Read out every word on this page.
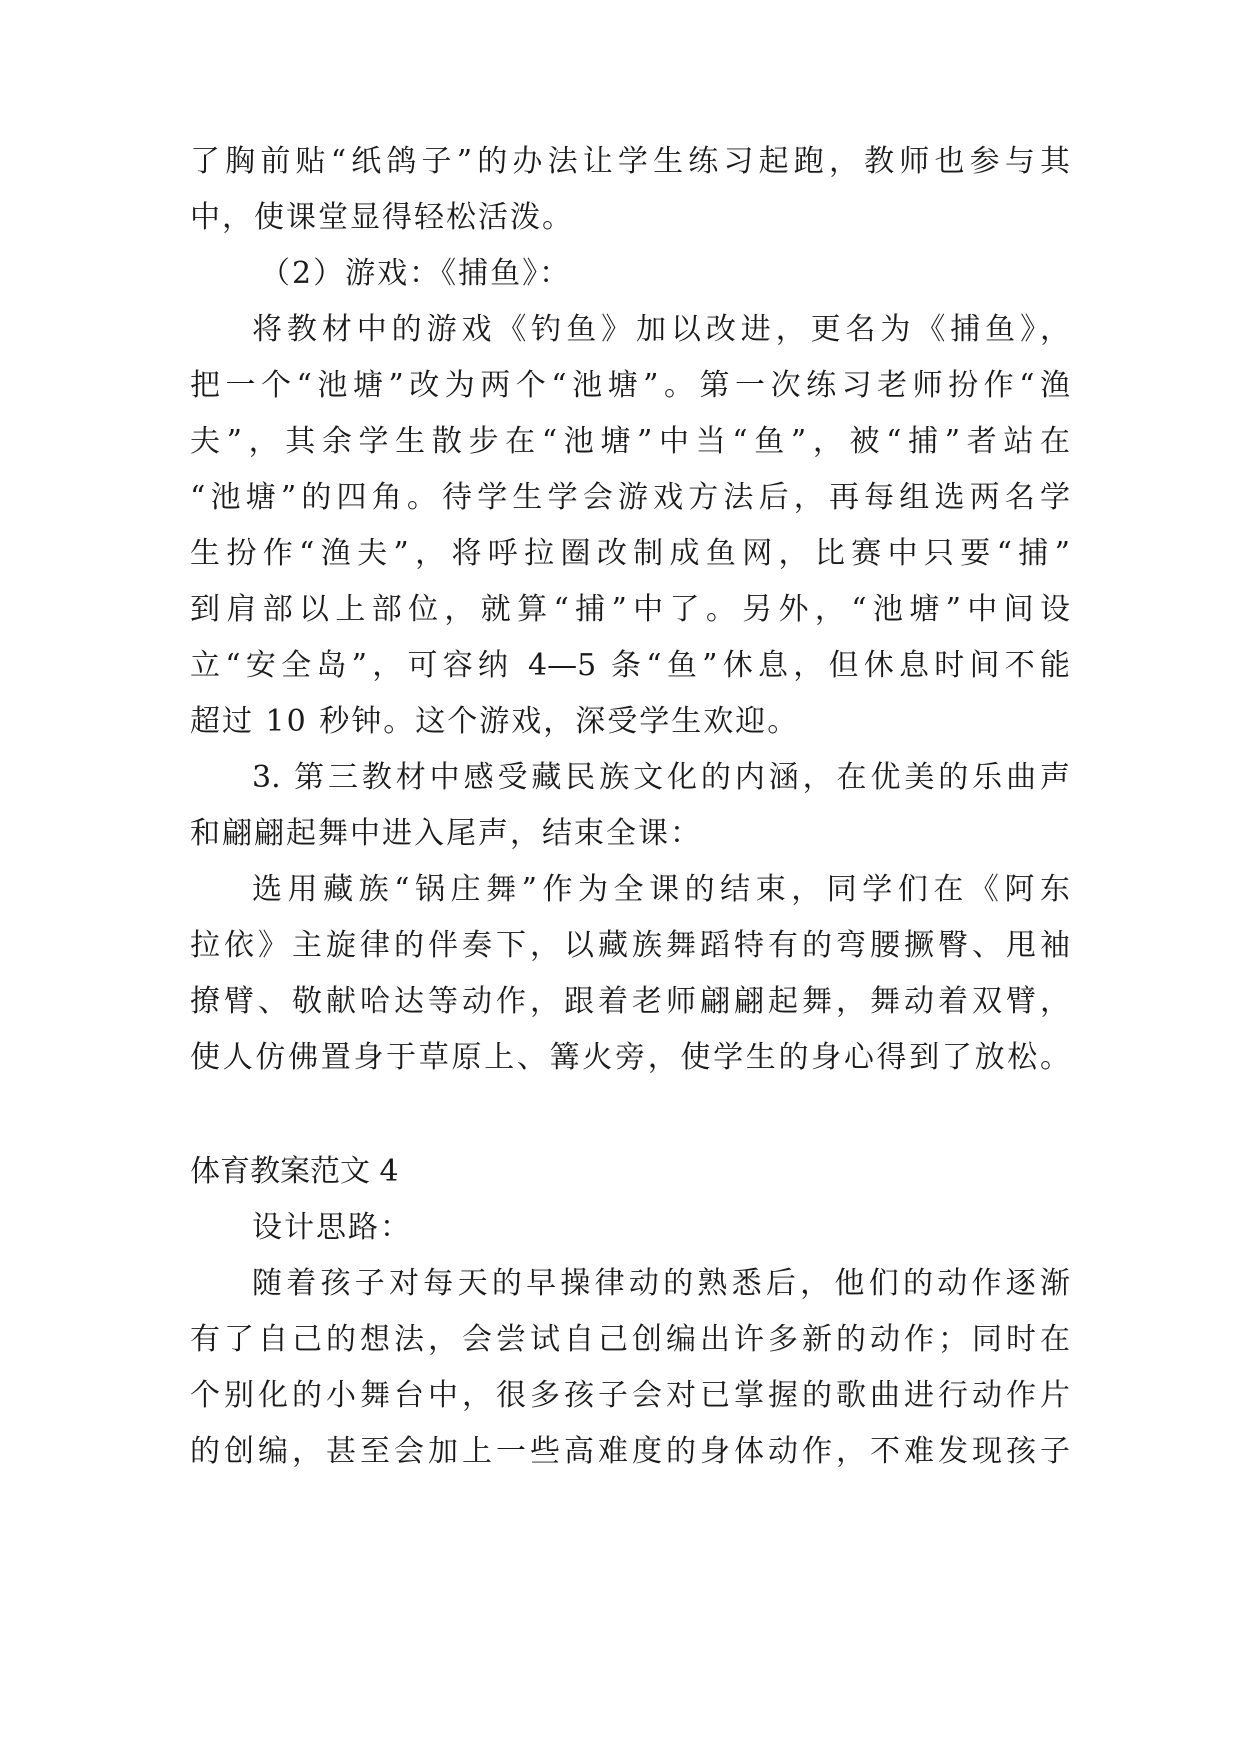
了胸前贴“纸鸽子”的办法让学生练习起跑，教师也参与其
中，使课堂显得轻松活泼。
（2）游戏：《捕鱼》：
将教材中的游戏《钓鱼》加以改进，更名为《捕鱼》，
把一个“池塘”改为两个“池塘”。第一次练习老师扮作“渔
夫”，其余学生散步在“池塘”中当“鱼”，被“捕”者站在
“池塘”的四角。待学生学会游戏方法后，再每组选两名学
生扮作“渔夫”，将呼拉圈改制成鱼网，比赛中只要“捕”
到肩部以上部位，就算“捕”中了。另外，“池塘”中间设
立“安全岛”，可容纳 4—5 条“鱼”休息，但休息时间不能
超过 10 秒钟。这个游戏，深受学生欢迎。
3. 第三教材中感受藏民族文化的内涵，在优美的乐曲声
和翩翩起舞中进入尾声，结束全课：
选用藏族“锅庄舞”作为全课的结束，同学们在《阿东
拉依》主旋律的伴奏下，以藏族舞蹈特有的弯腰撅臀、甩袖
撩臂、敬献哈达等动作，跟着老师翩翩起舞，舞动着双臂，
使人仿佛置身于草原上、篝火旁，使学生的身心得到了放松。
体育教案范文 4
设计思路：
随着孩子对每天的早操律动的熟悉后，他们的动作逐渐
有了自己的想法，会尝试自己创编出许多新的动作；同时在
个别化的小舞台中，很多孩子会对已掌握的歌曲进行动作片
的创编，甚至会加上一些高难度的身体动作，不难发现孩子
